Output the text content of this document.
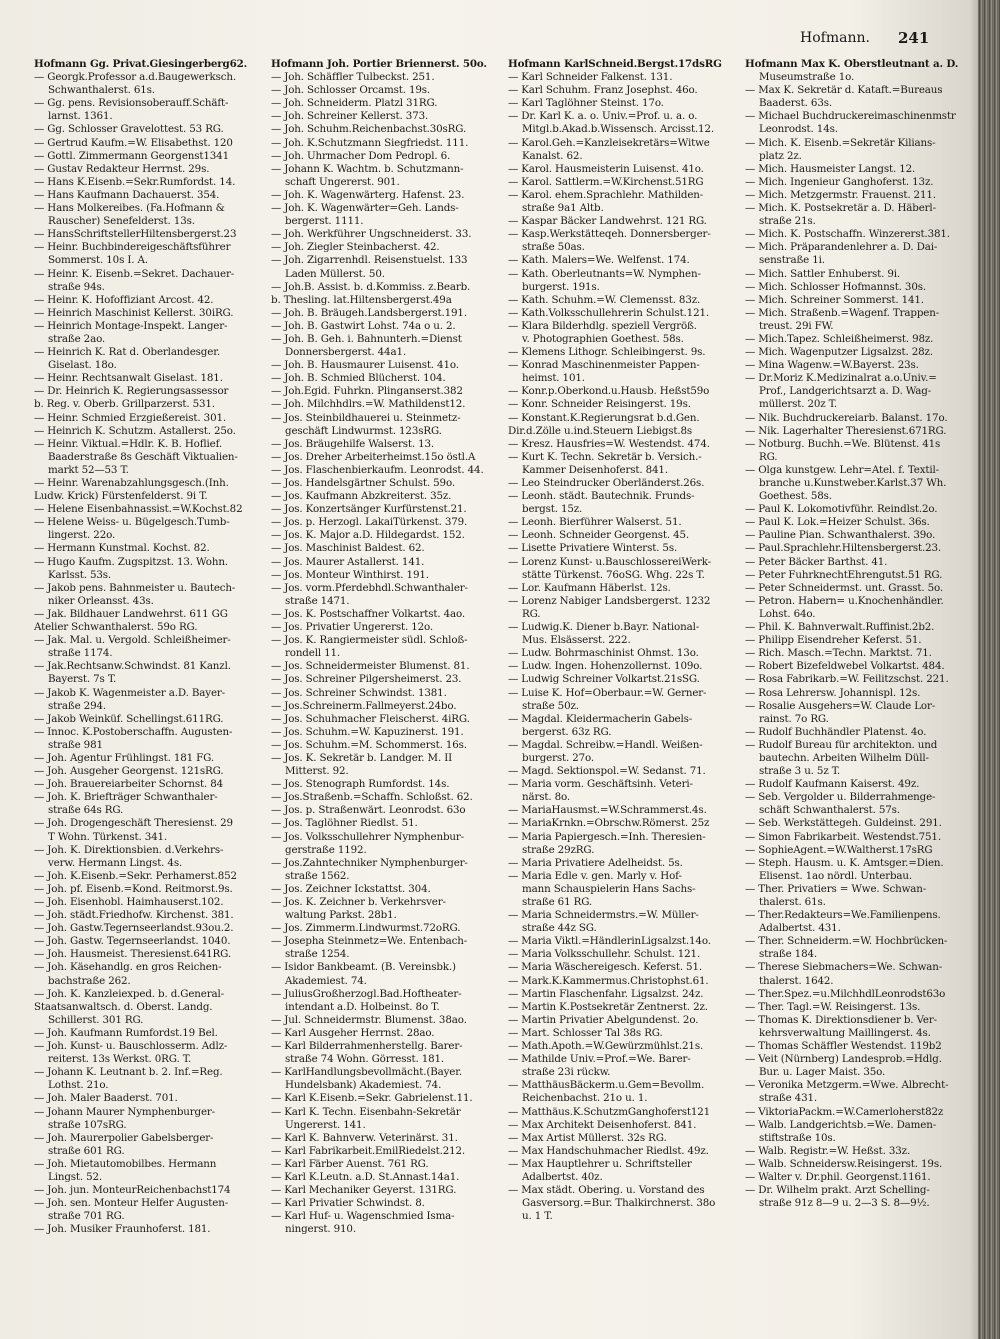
Hofmann. 241
Hofmann Gg. Privat.Giesingerberg62.
— Georgk.Professor a.d.Baugewerksch.
Schwanthalerst. 61s.
— Gg. pens. Revisionsoberauff.Schäft-
larnst. 1361.
— Gg. Schlosser Gravelottest. 53 RG.
— Gertrud Kaufm.=W. Elisabethst. 120
— Gottl. Zimmermann Georgenst1341
— Gustav Redakteur Herrnst. 29s.
— Hans K.Eisenb.=Sekr.Rumfordst. 14.
— Hans Kaufmann Dachauerst. 354.
— Hans Molkereibes. (Fa.Hofmann &
Rauscher) Senefelderst. 13s.
— HansSchriftstellerHiltensbergerst.23
— Heinr. Buchbindereigeschäftsführer
Sommerst. 10s I. A.
— Heinr. K. Eisenb.=Sekret. Dachauer-
straße 94s.
— Heinr. K. Hofoffiziant Arcost. 42.
— Heinrich Maschinist Kellerst. 30iRG.
— Heinrich Montage-Inspekt. Langer-
straße 2ao.
— Heinrich K. Rat d. Oberlandesger.
Giselast. 18o.
— Heinr. Rechtsanwalt Giselast. 181.
— Dr. Heinrich K. Regierungsassessor
b. Reg. v. Oberb. Grillparzerst. 531.
— Heinr. Schmied Erzgießereist. 301.
— Heinrich K. Schutzm. Astallerst. 25o.
— Heinr. Viktual.=Hdlr. K. B. Hoflief.
Baaderstraße 8s Geschäft Viktualien-
markt 52—53 T.
— Heinr. Warenabzahlungsgesch.(Inh.
Ludw. Krick) Fürstenfelderst. 9i T.
— Helene Eisenbahnassist.=W.Kochst.82
— Helene Weiss- u. Bügelgesch.Tumb-
lingerst. 22o.
— Hermann Kunstmal. Kochst. 82.
— Hugo Kaufm. Zugspitzst. 13. Wohn.
Karlsst. 53s.
— Jakob pens. Bahnmeister u. Bautech-
niker Orleansst. 43s.
— Jak. Bildhauer Landwehrst. 611 GG
Atelier Schwanthalerst. 59o RG.
— Jak. Mal. u. Vergold. Schleißheimer-
straße 1174.
— Jak.Rechtsanw.Schwindst. 81 Kanzl.
Bayerst. 7s T.
— Jakob K. Wagenmeister a.D. Bayer-
straße 294.
— Jakob Weinküf. Schellingst.611RG.
— Innoc. K.Postoberschaffn. Augusten-
straße 981
— Joh. Agentur Frühlingst. 181 FG.
— Joh. Ausgeher Georgenst. 121sRG.
— Joh. Brauereiarbeiter Schornst. 84
— Joh. K. Briefträger Schwanthaler-
straße 64s RG.
— Joh. Drogengeschäft Theresienst. 29
T Wohn. Türkenst. 341.
— Joh. K. Direktionsbien. d.Verkehrs-
verw. Hermann Lingst. 4s.
— Joh. K.Eisenb.=Sekr. Perhamerst.852
— Joh. pf. Eisenb.=Kond. Reitmorst.9s.
— Joh. Eisenhobl. Haimhauserst.102.
— Joh. städt.Friedhofw. Kirchenst. 381.
— Joh. Gastw.Tegernseerlandst.93ou.2.
— Joh. Gastw. Tegernseerlandst. 1040.
— Joh. Hausmeist. Theresienst.641RG.
— Joh. Käsehandlg. en gros Reichen-
bachstraße 262.
— Joh. K. Kanzleiexped. b. d.General-
Staatsanwaltsch. d. Oberst. Landg.
Schillerst. 301 RG.
— Joh. Kaufmann Rumfordst.19 Bel.
— Joh. Kunst- u. Bauschlosserm. Adlz-
reiterst. 13s Werkst. 0RG. T.
— Johann K. Leutnant b. 2. Inf.=Reg.
Lothst. 21o.
— Joh. Maler Baaderst. 701.
— Johann Maurer Nymphenburger-
straße 107sRG.
— Joh. Maurerpolier Gabelsberger-
straße 601 RG.
— Joh. Mietautomobilbes. Hermann
Lingst. 52.
— Joh. jun. MonteurReichenbachst174
— Joh. sen. Monteur Helfer Augusten-
straße 701 RG.
— Joh. Musiker Fraunhoferst. 181.
Hofmann Joh. Portier Briennerst. 50o.
— Joh. Schäffler Tulbeckst. 251.
— Joh. Schlosser Orcamst. 19s.
— Joh. Schneiderm. Platzl 31RG.
— Joh. Schreiner Kellerst. 373.
— Joh. Schuhm.Reichenbachst.30sRG.
— Joh. K.Schutzmann Siegfriedst. 111.
— Joh. Uhrmacher Dom Pedropl. 6.
— Johann K. Wachtm. b. Schutzmann-
schaft Ungererst. 901.
— Joh. K. Wagenwärterg. Hafenst. 23.
— Joh. K. Wagenwärter=Geh. Lands-
bergerst. 1111.
— Joh. Werkführer Ungschneiderst. 33.
— Joh. Ziegler Steinbacherst. 42.
— Joh. Zigarrenhdl. Reisenstuelst. 133
Laden Müllerst. 50.
— Joh.B. Assist. b. d.Kommiss. z.Bearb.
b. Thesling. lat.Hiltensbergerst.49a
— Joh. B. Bräugeh.Landsbergerst.191.
— Joh. B. Gastwirt Lohst. 74a o u. 2.
— Joh. B. Geh. i. Bahnunterh.=Dienst
Donnersbergerst. 44a1.
— Joh. B. Hausmaurer Luisenst. 41o.
— Joh. B. Schmied Blücherst. 104.
— Joh.Egid. Fuhrkn. Plinganserst.382
— Joh. Milchhdlrs.=W. Mathildenst12.
— Jos. Steinbildhauerei u. Steinmetz-
geschäft Lindwurmst. 123sRG.
— Jos. Bräugehilfe Walserst. 13.
— Jos. Dreher Arbeiterheimst.15o östl.A
— Jos. Flaschenbierkaufm. Leonrodst. 44.
— Jos. Handelsgärtner Schulst. 59o.
— Jos. Kaufmann Abzkreiterst. 35z.
— Jos. Konzertsänger Kurfürstenst.21.
— Jos. p. Herzogl. LakaiTürkenst. 379.
— Jos. K. Major a.D. Hildegardst. 152.
— Jos. Maschinist Baldest. 62.
— Jos. Maurer Astallerst. 141.
— Jos. Monteur Winthirst. 191.
— Jos. vorm.Pferdebhdl.Schwanthaler-
straße 1471.
— Jos. K. Postschaffner Volkartst. 4ao.
— Jos. Privatier Ungererst. 12o.
— Jos. K. Rangiermeister südl. Schloß-
rondell 11.
— Jos. Schneidermeister Blumenst. 81.
— Jos. Schreiner Pilgersheimerst. 23.
— Jos. Schreiner Schwindst. 1381.
— Jos.Schreinerm.Fallmeyerst.24bo.
— Jos. Schuhmacher Fleischerst. 4iRG.
— Jos. Schuhm.=W. Kapuzinerst. 191.
— Jos. Schuhm.=M. Schommerst. 16s.
— Jos. K. Sekretär b. Landger. M. II
Mitterst. 92.
— Jos. Stenograph Rumfordst. 14s.
— Jos.Straßenb.=Schaffn. Schloßst. 62.
— Jos. p. Straßenwärt. Leonrodst. 63o
— Jos. Taglöhner Riedlst. 51.
— Jos. Volksschullehrer Nymphenbur-
gerstraße 1192.
— Jos.Zahntechniker Nymphenburger-
straße 1562.
— Jos. Zeichner Ickstattst. 304.
— Jos. K. Zeichner b. Verkehrsver-
waltung Parkst. 28b1.
— Jos. Zimmerm.Lindwurmst.72oRG.
— Josepha Steinmetz=We. Entenbach-
straße 1254.
— Isidor Bankbeamt. (B. Vereinsbk.)
Akademiest. 74.
— JuliusGroßherzogl.Bad.Hoftheater-
intendant a.D. Holbeinst. 8o T.
— Jul. Schneidermstr. Blumenst. 38ao.
— Karl Ausgeher Herrnst. 28ao.
— Karl Bilderrahmenherstellg. Barer-
straße 74 Wohn. Görresst. 181.
— KarlHandlungsbevollmächt.(Bayer.
Hundelsbank) Akademiest. 74.
— Karl K.Eisenb.=Sekr. Gabrielenst.11.
— Karl K. Techn. Eisenbahn-Sekretär
Ungererst. 141.
— Karl K. Bahnverw. Veterinärst. 31.
— Karl Fabrikarbeit.EmilRiedelst.212.
— Karl Färber Auenst. 761 RG.
— Karl K.Leutn. a.D. St.Annast.14a1.
— Karl Mechaniker Geyerst. 131RG.
— Karl Privatier Schwindst. 8.
— Karl Huf- u. Wagenschmied Isma-
ningerst. 910.
Hofmann KarlSchneid.Bergst.17dsRG
— Karl Schneider Falkenst. 131.
— Karl Schuhm. Franz Josephst. 46o.
— Karl Taglöhner Steinst. 17o.
— Dr. Karl K. a. o. Univ.=Prof. u. a. o.
Mitgl.b.Akad.b.Wissensch. Arcisst.12.
— Karol.Geh.=Kanzleisekretärs=Witwe
Kanalst. 62.
— Karol. Hausmeisterin Luisenst. 41o.
— Karol. Sattlerm.=W.Kirchenst.51RG
— Karol. ehem.Sprachlehr. Mathilden-
straße 9a1 Altb.
— Kaspar Bäcker Landwehrst. 121 RG.
— Kasp.Werkstätteqeh. Donnersberger-
straße 50as.
— Kath. Malers=We. Welfenst. 174.
— Kath. Oberleutnants=W. Nymphen-
burgerst. 191s.
— Kath. Schuhm.=W. Clemensst. 83z.
— Kath.Volksschullehrerin Schulst.121.
— Klara Bilderhdlg. speziell Vergröß.
v. Photographien Goethest. 58s.
— Klemens Lithogr. Schleibingerst. 9s.
— Konrad Maschinenmeister Pappen-
heimst. 101.
— Konr.p.Oberkond.u.Hausb. Heßst59o
— Konr. Schneider Reisingerst. 19s.
— Konstant.K.Regierungsrat b.d.Gen.
Dir.d.Zölle u.ind.Steuern Liebigst.8s
— Kresz. Hausfries=W. Westendst. 474.
— Kurt K. Techn. Sekretär b. Versich.-
Kammer Deisenhoferst. 841.
— Leo Steindrucker Oberländerst.26s.
— Leonh. städt. Bautechnik. Frunds-
bergst. 15z.
— Leonh. Bierführer Walserst. 51.
— Leonh. Schneider Georgenst. 45.
— Lisette Privatiere Winterst. 5s.
— Lorenz Kunst- u.BauschlossereiWerk-
stätte Türkenst. 76oSG. Whg. 22s T.
— Lor. Kaufmann Häberlst. 12s.
— Lorenz Nabiger Landsbergerst. 1232
RG.
— Ludwig.K. Diener b.Bayr. National-
Mus. Elsässerst. 222.
— Ludw. Bohrmaschinist Ohmst. 13o.
— Ludw. Ingen. Hohenzollernst. 109o.
— Ludwig Schreiner Volkartst.21sSG.
— Luise K. Hof=Oberbaur.=W. Gerner-
straße 50z.
— Magdal. Kleidermacherin Gabels-
bergerst. 63z RG.
— Magdal. Schreibw.=Handl. Weißen-
burgerst. 27o.
— Magd. Sektionspol.=W. Sedanst. 71.
— Maria vorm. Geschäftsinh. Veteri-
närst. 8o.
— MariaHausmst.=W.Schrammerst.4s.
— MariaKrnkn.=Obrschw.Römerst. 25z
— Maria Papiergesch.=Inh. Theresien-
straße 29zRG.
— Maria Privatiere Adelheidst. 5s.
— Maria Edle v. gen. Marly v. Hof-
mann Schauspielerin Hans Sachs-
straße 61 RG.
— Maria Schneidermstrs.=W. Müller-
straße 44z SG.
— Maria Viktl.=HändlerinLigsalzst.14o.
— Maria Volksschullehr. Schulst. 121.
— Maria Wäschereigesch. Keferst. 51.
— Mark.K.Kammermus.Christophst.61.
— Martin Flaschenfahr. Ligsalzst. 24z.
— Martin K.Postsekretär Zentnerst. 2z.
— Martin Privatier Abelgundenst. 2o.
— Mart. Schlosser Tal 38s RG.
— Math.Apoth.=W.Gewürzmühlst.21s.
— Mathilde Univ.=Prof.=We. Barer-
straße 23i rückw.
— MatthäusBäckerm.u.Gem=Bevollm.
Reichenbachst. 21o u. 1.
— Matthäus.K.SchutzmGanghoferst121
— Max Architekt Deisenhoferst. 841.
— Max Artist Müllerst. 32s RG.
— Max Handschuhmacher Riedlst. 49z.
— Max Hauptlehrer u. Schriftsteller
Adalbertst. 40z.
— Max städt. Obering. u. Vorstand des
Gasversorg.=Bur. Thalkirchnerst. 38o
u. 1 T.
Hofmann Max K. Oberstleutnant a. D.
Museumstraße 1o.
— Max K. Sekretär d. Kataft.=Bureaus
Baaderst. 63s.
— Michael Buchdruckereimaschinenmstr
Leonrodst. 14s.
— Mich. K. Eisenb.=Sekretär Kilians-
platz 2z.
— Mich. Hausmeister Langst. 12.
— Mich. Ingenieur Ganghoferst. 13z.
— Mich. Metzgermstr. Frauenst. 211.
— Mich. K. Postsekretär a. D. Häberl-
straße 21s.
— Mich. K. Postschaffn. Winzererst.381.
— Mich. Präparandenlehrer a. D. Dai-
senstraße 1i.
— Mich. Sattler Enhuberst. 9i.
— Mich. Schlosser Hofmannst. 30s.
— Mich. Schreiner Sommerst. 141.
— Mich. Straßenb.=Wagenf. Trappen-
treust. 29i FW.
— Mich.Tapez. Schleißheimerst. 98z.
— Mich. Wagenputzer Ligsalzst. 28z.
— Mina Wagenw.=W.Bayerst. 23s.
— Dr.Moriz K.Medizinalrat a.o.Univ.=
Prof., Landgerichtsarzt a. D. Wag-
müllerst. 20z T.
— Nik. Buchdruckereiarb. Balanst. 17o.
— Nik. Lagerhalter Theresienst.671RG.
— Notburg. Buchh.=We. Blütenst. 41s
RG.
— Olga kunstgew. Lehr=Atel. f. Textil-
branche u.Kunstweber.Karlst.37 Wh.
Goethest. 58s.
— Paul K. Lokomotivführ. Reindlst.2o.
— Paul K. Lok.=Heizer Schulst. 36s.
— Pauline Pian. Schwanthalerst. 39o.
— Paul.Sprachlehr.Hiltensbergerst.23.
— Peter Bäcker Barthst. 41.
— Peter FuhrknechtEhrengutst.51 RG.
— Peter Schneidermst. unt. Grasst. 5o.
— Petron. Habern= u.Knochenhändler.
Lohst. 64o.
— Phil. K. Bahnverwalt.Ruffinist.2b2.
— Philipp Eisendreher Keferst. 51.
— Rich. Masch.=Techn. Marktst. 71.
— Robert Bizefeldwebel Volkartst. 484.
— Rosa Fabrikarb.=W. Feilitzschst. 221.
— Rosa Lehrersw. Johannispl. 12s.
— Rosalie Ausgehers=W. Claude Lor-
rainst. 7o RG.
— Rudolf Buchhändler Platenst. 4o.
— Rudolf Bureau für architekton. und
bautechn. Arbeiten Wilhelm Düll-
straße 3 u. 5z T.
— Rudolf Kaufmann Kaiserst. 49z.
— Seb. Vergolder u. Bilderrahmenge-
schäft Schwanthalerst. 57s.
— Seb. Werkstättegeh. Guldeinst. 291.
— Simon Fabrikarbeit. Westendst.751.
— SophieAgent.=W.Waltherst.17sRG
— Steph. Hausm. u. K. Amtsger.=Dien.
Elisenst. 1ao nördl. Unterbau.
— Ther. Privatiers = Wwe. Schwan-
thalerst. 61s.
— Ther.Redakteurs=We.Familienpens.
Adalbertst. 431.
— Ther. Schneiderm.=W. Hochbrücken-
straße 184.
— Therese Siebmachers=We. Schwan-
thalerst. 1642.
— Ther.Spez.=u.MilchhdlLeonrodst63o
— Ther. Tagl.=W. Reisingerst. 13s.
— Thomas K. Direktionsdiener b. Ver-
kehrsverwaltung Maillingerst. 4s.
— Thomas Schäffler Westendst. 119b2
— Veit (Nürnberg) Landesprob.=Hdlg.
Bur. u. Lager Maist. 35o.
— Veronika Metzgerm.=Wwe. Albrecht-
straße 431.
— ViktoriaPackm.=W.Camerloherst82z
— Walb. Landgerichtsb.=We. Damen-
stiftstraße 10s.
— Walb. Registr.=W. Heßst. 33z.
— Walb. Schneidersw.Reisingerst. 19s.
— Walter v. Dr.phil. Georgenst.1161.
— Dr. Wilhelm prakt. Arzt Schelling-
straße 91z 8—9 u. 2—3 S. 8—9½.
